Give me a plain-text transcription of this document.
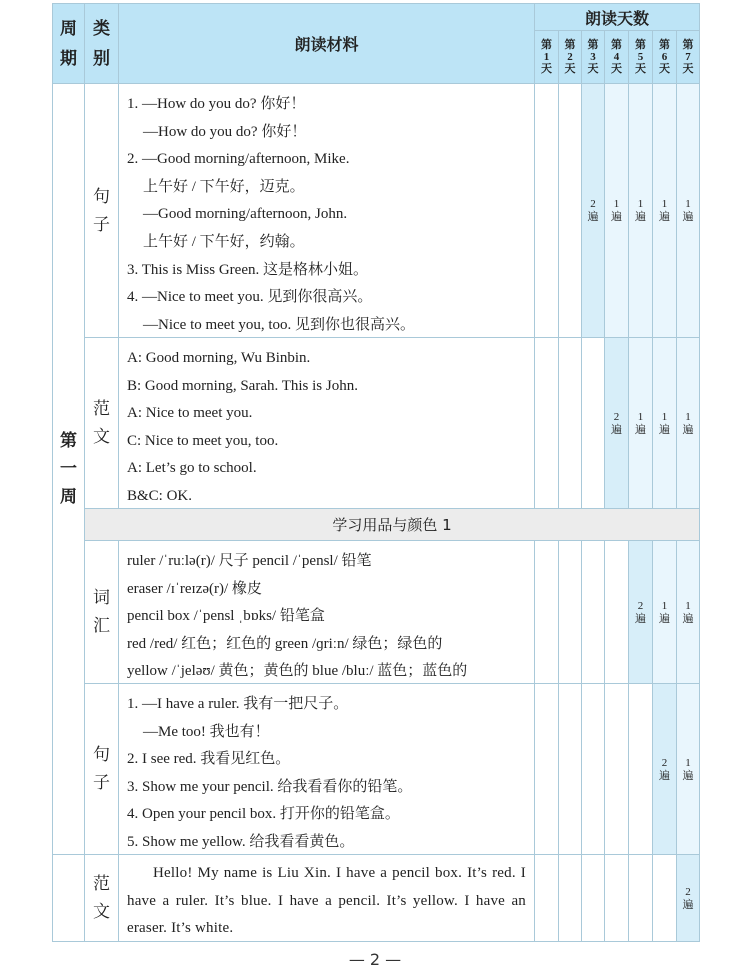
周
期
类
别
朗读材料
朗读天数
第
1
天
第
2
天
第
3
天
第
4
天
第
5
天
第
6
天
第
7
天
第
一
周
学习用品与颜色 1
句
子
1. —How do you do? 你好！
—How do you do? 你好！
2. —Good morning/afternoon, Mike.
上午好 / 下午好，迈克。
—Good morning/afternoon, John.
上午好 / 下午好，约翰。
3. This is Miss Green. 这是格林小姐。
4. —Nice to meet you. 见到你很高兴。
—Nice to meet you, too. 见到你也很高兴。
2
遍
1
遍
1
遍
1
遍
1
遍
范
文
A: Good morning, Wu Binbin.
B: Good morning, Sarah. This is John.
A: Nice to meet you.
C: Nice to meet you, too.
A: Let’s go to school.
B&C: OK.
2
遍
1
遍
1
遍
1
遍
词
汇
ruler /ˈruːlə(r)/ 尺子 pencil /ˈpensl/ 铅笔
eraser /ɪˈreɪzə(r)/ 橡皮
pencil box /ˈpensl ˌbɒks/ 铅笔盒
red /red/ 红色；红色的 green /ɡriːn/ 绿色；绿色的
yellow /ˈjeləʊ/ 黄色；黄色的 blue /bluː/ 蓝色；蓝色的
2
遍
1
遍
1
遍
句
子
1. —I have a ruler. 我有一把尺子。
—Me too! 我也有！
2. I see red. 我看见红色。
3. Show me your pencil. 给我看看你的铅笔。
4. Open your pencil box. 打开你的铅笔盒。
5. Show me yellow. 给我看看黄色。
2
遍
1
遍
范
文
Hello! My name is Liu Xin. I have a pencil box. It’s red. I have a ruler. It’s blue. I have a pencil. It’s yellow. I have an eraser. It’s white.
2
遍
— 2 —
